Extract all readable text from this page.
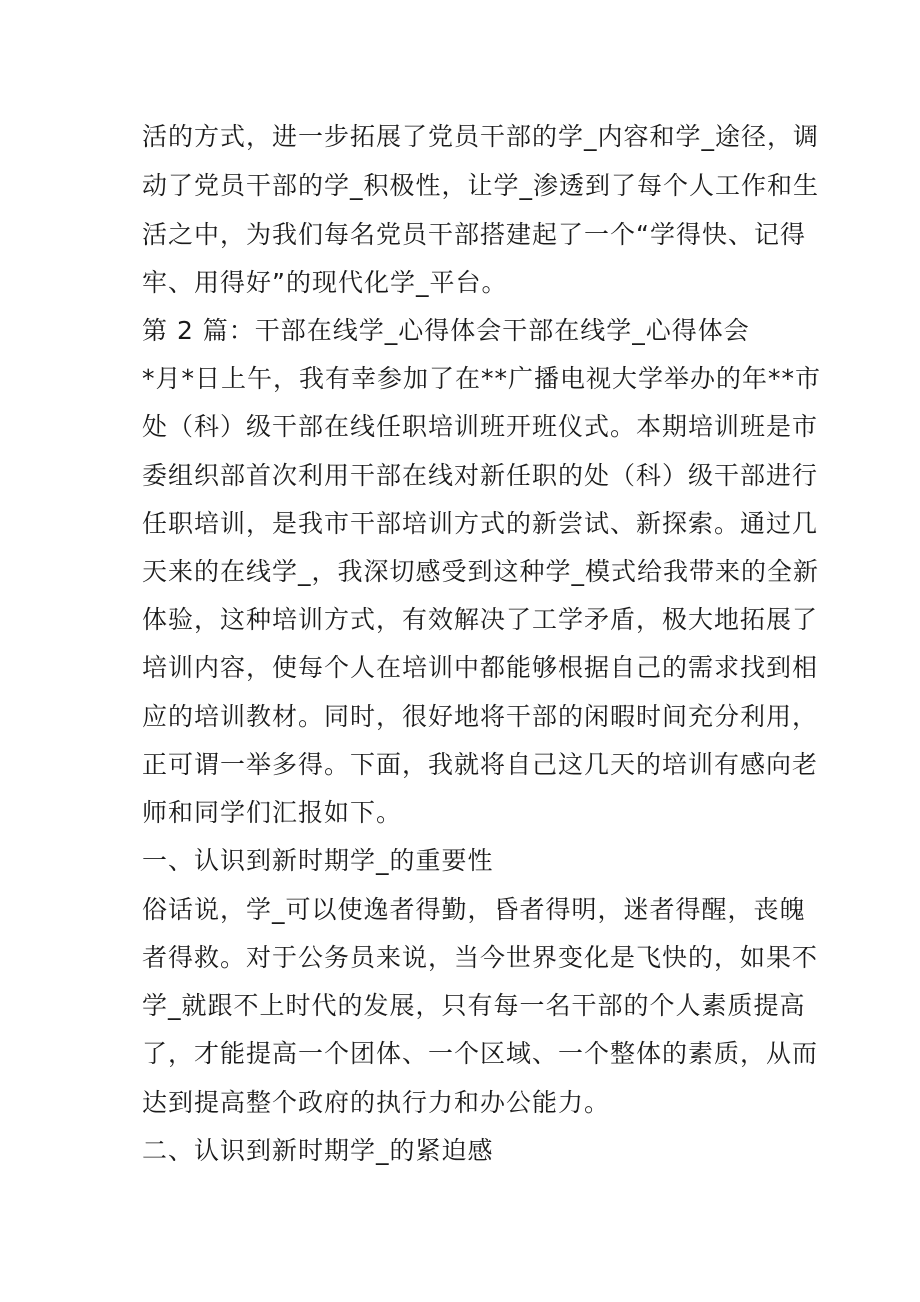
活的方式，进一步拓展了党员干部的学_内容和学_途径，调
动了党员干部的学_积极性，让学_渗透到了每个人工作和生
活之中，为我们每名党员干部搭建起了一个“学得快、记得
牢、用得好”的现代化学_平台。
第 2 篇：干部在线学_心得体会干部在线学_心得体会
*月*日上午，我有幸参加了在**广播电视大学举办的年**市
处（科）级干部在线任职培训班开班仪式。本期培训班是市
委组织部首次利用干部在线对新任职的处（科）级干部进行
任职培训，是我市干部培训方式的新尝试、新探索。通过几
天来的在线学_，我深切感受到这种学_模式给我带来的全新
体验，这种培训方式，有效解决了工学矛盾，极大地拓展了
培训内容，使每个人在培训中都能够根据自己的需求找到相
应的培训教材。同时，很好地将干部的闲暇时间充分利用，
正可谓一举多得。下面，我就将自己这几天的培训有感向老
师和同学们汇报如下。
一、认识到新时期学_的重要性
俗话说，学_可以使逸者得勤，昏者得明，迷者得醒，丧魄
者得救。对于公务员来说，当今世界变化是飞快的，如果不
学_就跟不上时代的发展，只有每一名干部的个人素质提高
了，才能提高一个团体、一个区域、一个整体的素质，从而
达到提高整个政府的执行力和办公能力。
二、认识到新时期学_的紧迫感
